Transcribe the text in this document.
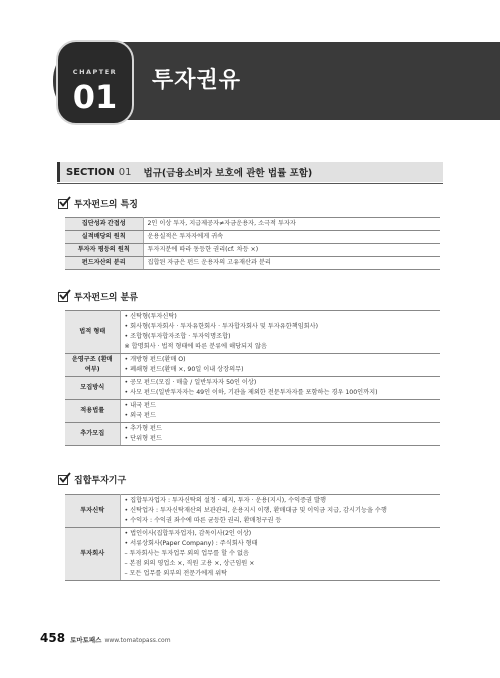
CHAPTER
01	투자권유
SECTION 01 법규(금융소비자 보호에 관한 법률 포함)
투자펀드의 특징
집단성과 간접성	2인 이상 투자, 지급제공자≠자금운용자, 소극적 투자자

실적배당의 원칙	운용실적은 투자자에게 귀속

투자자 평등의 원칙	투자지분에 따라 동등한 권리(cf. 차등 ×)

펀드자산의 분리	집합된 자금은 펀드 운용자의 고유재산과 분리
투자펀드의 분류
법적 형태	• 신탁형(투자신탁)
• 회사형(투자회사 · 투자유한회사 · 투자합자회사 및 투자유한책임회사)
• 조합형(투자합자조합 · 투자익명조합)
※ 합명회사 · 법적 형태에 따른 분류에 해당되지 않음

운영구조 (환매여부)	• 개방형 펀드(환매 O)
• 폐쇄형 펀드(환매 ×, 90일 이내 상장의무)

모집방식	• 공모 펀드(모집 · 매출 / 일반투자자 50인 이상)
• 사모 펀드(일반투자자는 49인 이하, 기관을 제외한 전문투자자를 포함하는 경우 100인까지)

적용법률	• 내국 펀드
• 외국 펀드

추가모집	• 추가형 펀드
• 단위형 펀드
집합투자기구
투자신탁	• 집합투자업자 : 투자신탁의 설정 · 해지, 투자 · 운용(지시), 수익증권 발행
• 신탁업자 : 투자신탁재산의 보관관리, 운용지시 이행, 환매대금 및 이익금 지급, 감시기능을 수행
• 수익자 : 수익권 좌수에 따른 균등한 권리, 환매청구권 등

투자회사	• 법인이사(집합투자업자), 감독이사(2인 이상)
• 서류상회사(Paper Company) : 주식회사 형태
– 투자회사는 투자업무 외의 업무를 할 수 없음
– 본점 외의 영업소 ×, 직원 고용 ×, 상근임원 ×
– 모든 업무를 외부의 전문가에게 위탁
458 토마토패스 www.tomatopass.com
